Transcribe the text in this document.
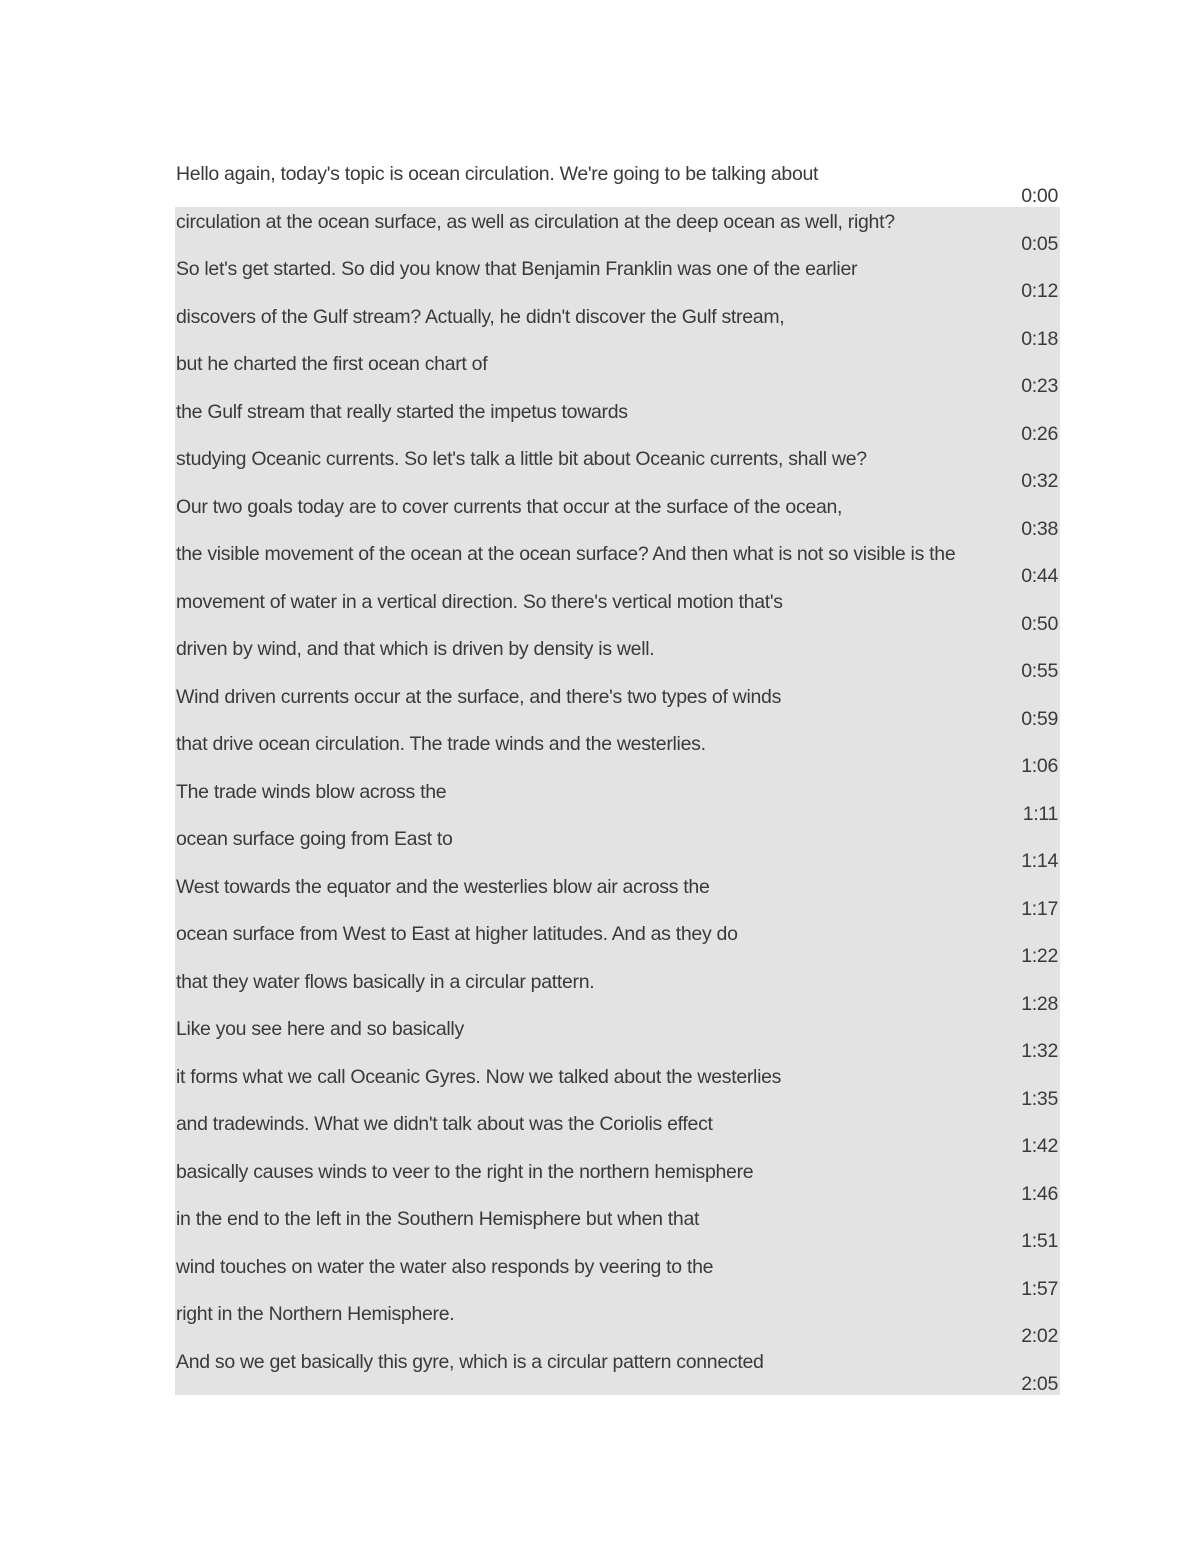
Hello again, today's topic is ocean circulation. We're going to be talking about
0:00
circulation at the ocean surface, as well as circulation at the deep ocean as well, right?
0:05
So let's get started. So did you know that Benjamin Franklin was one of the earlier
0:12
discovers of the Gulf stream? Actually, he didn't discover the Gulf stream,
0:18
but he charted the first ocean chart of
0:23
the Gulf stream that really started the impetus towards
0:26
studying Oceanic currents. So let's talk a little bit about Oceanic currents, shall we?
0:32
Our two goals today are to cover currents that occur at the surface of the ocean,
0:38
the visible movement of the ocean at the ocean surface? And then what is not so visible is the
0:44
movement of water in a vertical direction. So there's vertical motion that's
0:50
driven by wind, and that which is driven by density is well.
0:55
Wind driven currents occur at the surface, and there's two types of winds
0:59
that drive ocean circulation. The trade winds and the westerlies.
1:06
The trade winds blow across the
1:11
ocean surface going from East to
1:14
West towards the equator and the westerlies blow air across the
1:17
ocean surface from West to East at higher latitudes. And as they do
1:22
that they water flows basically in a circular pattern.
1:28
Like you see here and so basically
1:32
it forms what we call Oceanic Gyres. Now we talked about the westerlies
1:35
and tradewinds. What we didn't talk about was the Coriolis effect
1:42
basically causes winds to veer to the right in the northern hemisphere
1:46
in the end to the left in the Southern Hemisphere but when that
1:51
wind touches on water the water also responds by veering to the
1:57
right in the Northern Hemisphere.
2:02
And so we get basically this gyre, which is a circular pattern connected
2:05
